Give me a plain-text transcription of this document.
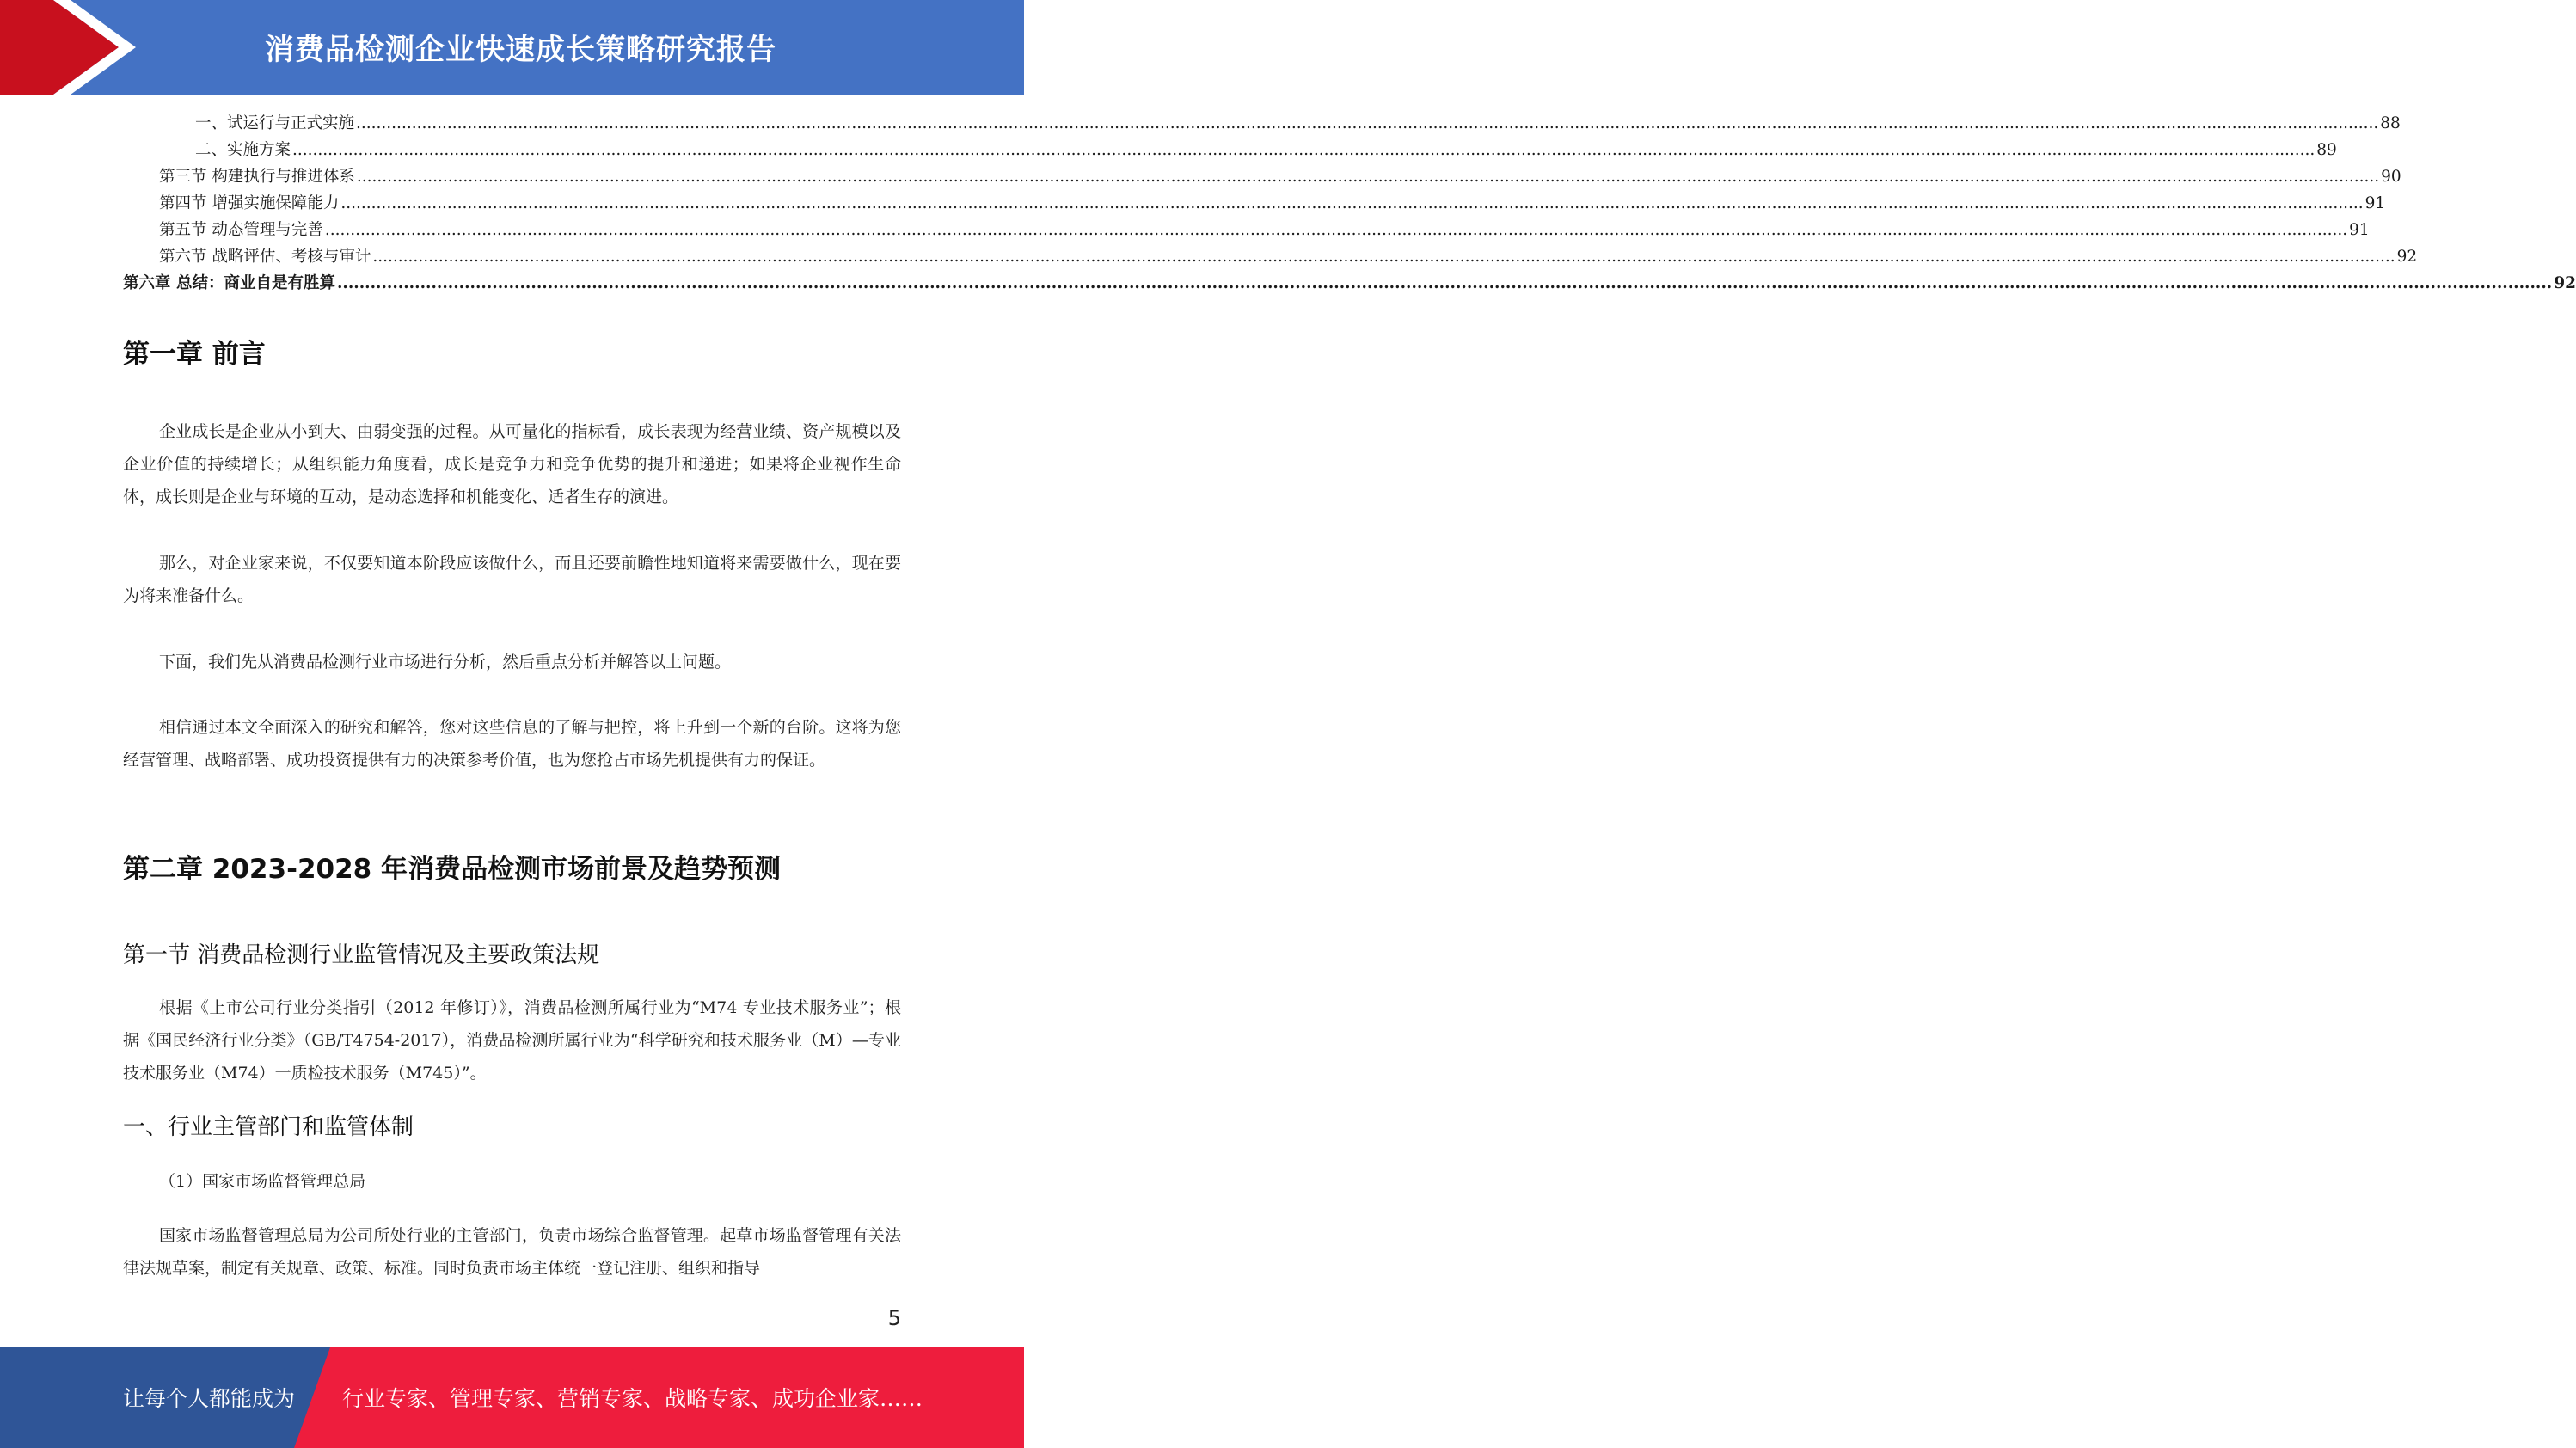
消费品检测企业快速成长策略研究报告
一、试运行与正式实施 ................................................................................................................................................................................................................................................................................................................................................................................................................ 88
二、实施方案 ................................................................................................................................................................................................................................................................................................................................................................................................................ 89
第三节 构建执行与推进体系 ................................................................................................................................................................................................................................................................................................................................................................................................................ 90
第四节 增强实施保障能力 ................................................................................................................................................................................................................................................................................................................................................................................................................ 91
第五节 动态管理与完善 ................................................................................................................................................................................................................................................................................................................................................................................................................ 91
第六节 战略评估、考核与审计 ................................................................................................................................................................................................................................................................................................................................................................................................................ 92
第六章 总结：商业自是有胜算 ................................................................................................................................................................................................................................................................................................................................................................................................................ 92
第一章 前言

企业成长是企业从小到大、由弱变强的过程。从可量化的指标看，成长表现为经营业绩、资产规模以及企业价值的持续增长；从组织能力角度看，成长是竞争力和竞争优势的提升和递进；如果将企业视作生命体，成长则是企业与环境的互动，是动态选择和机能变化、适者生存的演进。

那么，对企业家来说，不仅要知道本阶段应该做什么，而且还要前瞻性地知道将来需要做什么，现在要为将来准备什么。

下面，我们先从消费品检测行业市场进行分析，然后重点分析并解答以上问题。

相信通过本文全面深入的研究和解答，您对这些信息的了解与把控，将上升到一个新的台阶。这将为您经营管理、战略部署、成功投资提供有力的决策参考价值，也为您抢占市场先机提供有力的保证。

第二章 2023-2028 年消费品检测市场前景及趋势预测
第一节 消费品检测行业监管情况及主要政策法规

根据《上市公司行业分类指引（2012 年修订）》，消费品检测所属行业为“M74 专业技术服务业”；根据《国民经济行业分类》（GB/T4754-2017），消费品检测所属行业为“科学研究和技术服务业（M）—专业技术服务业（M74）一质检技术服务（M745）”。

一、行业主管部门和监管体制

（1）国家市场监督管理总局

国家市场监督管理总局为公司所处行业的主管部门，负责市场综合监督管理。起草市场监督管理有关法律法规草案，制定有关规章、政策、标准。同时负责市场主体统一登记注册、组织和指导

5
让每个人都能成为 行业专家、管理专家、营销专家、战略专家、成功企业家……
